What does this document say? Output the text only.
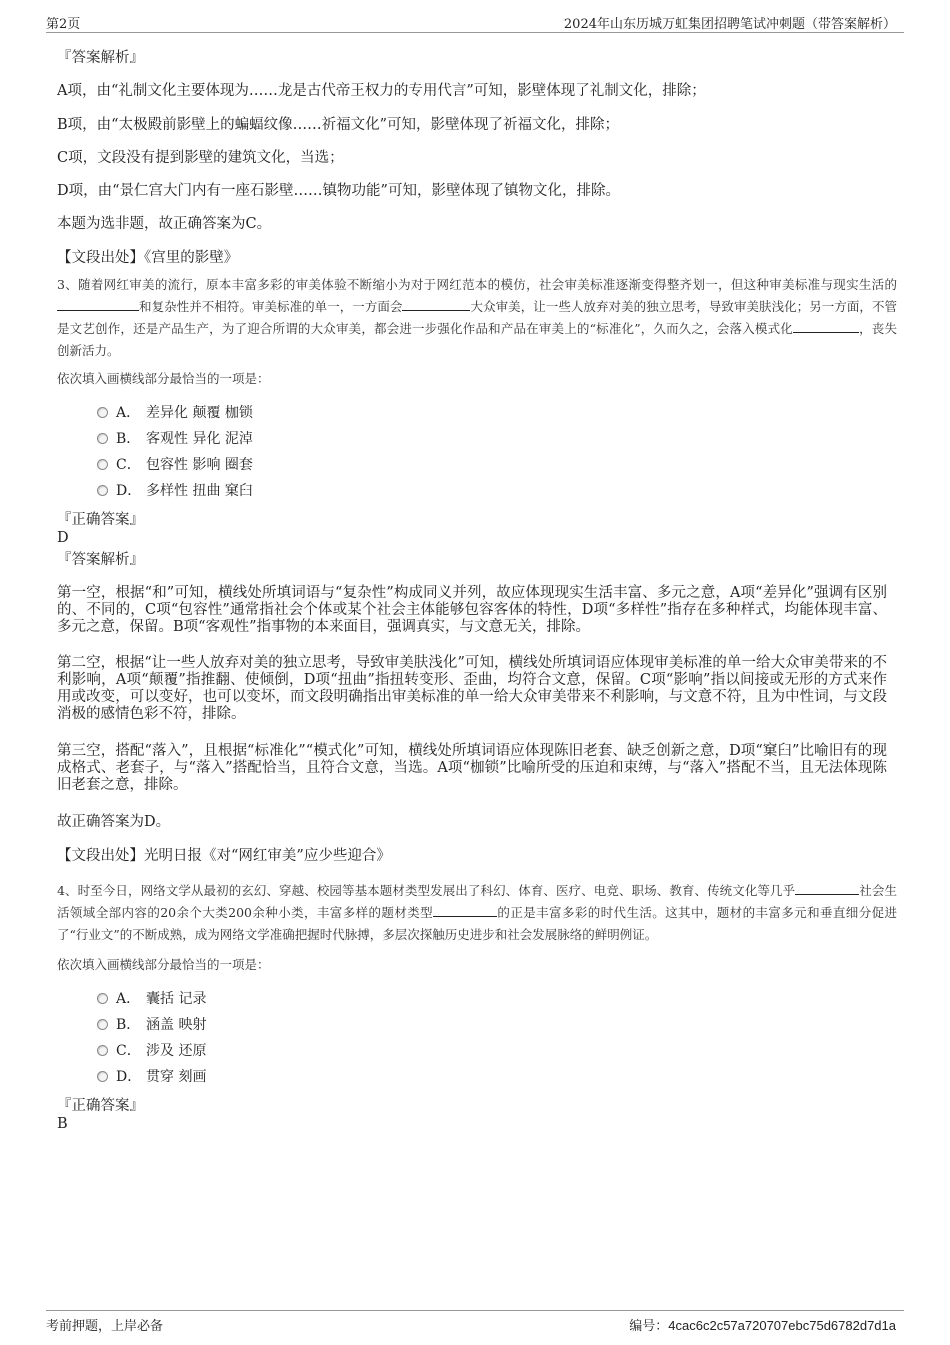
第2页	2024年山东历城万虹集团招聘笔试冲刺题（带答案解析）
『答案解析』
A项，由“礼制文化主要体现为……龙是古代帝王权力的专用代言”可知，影壁体现了礼制文化，排除；
B项，由“太极殿前影壁上的蝙蝠纹像……祈福文化”可知，影壁体现了祈福文化，排除；
C项，文段没有提到影壁的建筑文化，当选；
D项，由“景仁宫大门内有一座石影壁……镇物功能”可知，影壁体现了镇物文化，排除。
本题为选非题，故正确答案为C。
【文段出处】《宫里的影壁》
3、随着网红审美的流行，原本丰富多彩的审美体验不断缩小为对于网红范本的模仿，社会审美标准逐渐变得整齐划一，但这种审美标准与现实生活的和复杂性并不相符。审美标准的单一，一方面会	大众审美，让一些人放弃对美的独立思考，导致审美肤浅化；另一方面，不管是文艺创作，还是产品生产，为了迎合所谓的大众审美，都会进一步强化作品和产品在审美上的“标准化”，久而久之，会落入模式化	，丧失创新活力。
依次填入画横线部分最恰当的一项是：
A． 差异化 颠覆 枷锁
B． 客观性 异化 泥淖
C． 包容性 影响 圈套
D． 多样性 扭曲 窠臼
『正确答案』
D
『答案解析』
第一空，根据“和”可知，横线处所填词语与“复杂性”构成同义并列，故应体现现实生活丰富、多元之意，A项“差异化”强调有区别的、不同的，C项“包容性”通常指社会个体或某个社会主体能够包容客体的特性，D项“多样性”指存在多种样式，均能体现丰富、多元之意，保留。B项“客观性”指事物的本来面目，强调真实，与文意无关，排除。
第二空，根据“让一些人放弃对美的独立思考，导致审美肤浅化”可知，横线处所填词语应体现审美标准的单一给大众审美带来的不利影响，A项“颠覆”指推翻、使倾倒，D项“扭曲”指扭转变形、歪曲，均符合文意，保留。C项“影响”指以间接或无形的方式来作用或改变，可以变好，也可以变坏，而文段明确指出审美标准的单一给大众审美带来不利影响，与文意不符，且为中性词，与文段消极的感情色彩不符，排除。
第三空，搭配“落入”，且根据“标准化”“模式化”可知，横线处所填词语应体现陈旧老套、缺乏创新之意，D项“窠臼”比喻旧有的现成格式、老套子，与“落入”搭配恰当，且符合文意，当选。A项“枷锁”比喻所受的压迫和束缚，与“落入”搭配不当，且无法体现陈旧老套之意，排除。
故正确答案为D。
【文段出处】光明日报《对“网红审美”应少些迎合》
4、时至今日，网络文学从最初的玄幻、穿越、校园等基本题材类型发展出了科幻、体育、医疗、电竞、职场、教育、传统文化等几乎	社会生活领域全部内容的20余个大类200余种小类，丰富多样的题材类型	的正是丰富多彩的时代生活。这其中，题材的丰富多元和垂直细分促进了“行业文”的不断成熟，成为网络文学准确把握时代脉搏，多层次探触历史进步和社会发展脉络的鲜明例证。
依次填入画横线部分最恰当的一项是：
A． 囊括 记录
B． 涵盖 映射
C． 涉及 还原
D． 贯穿 刻画
『正确答案』
B
考前押题，上岸必备	编号：4cac6c2c57a720707ebc75d6782d7d1a
